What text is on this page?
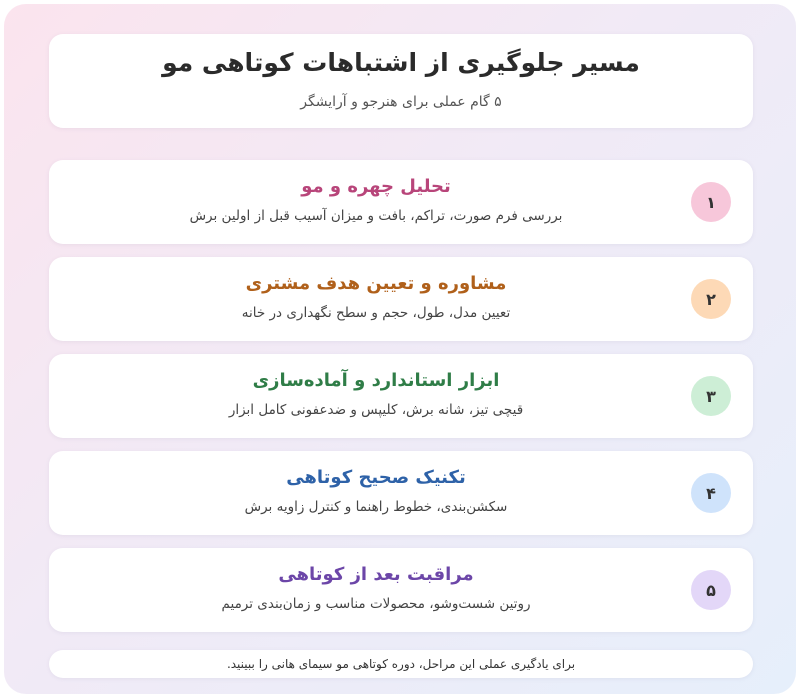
مسیر جلوگیری از اشتباهات کوتاهی مو
۵ گام عملی برای هنرجو و آرایشگر
۱
تحلیل چهره و مو
بررسی فرم صورت، تراکم، بافت و میزان آسیب قبل از اولین برش
۲
مشاوره و تعیین هدف مشتری
تعیین مدل، طول، حجم و سطح نگهداری در خانه
۳
ابزار استاندارد و آماده‌سازی
قیچی تیز، شانه برش، کلیپس و ضدعفونی کامل ابزار
۴
تکنیک صحیح کوتاهی
سکشن‌بندی، خطوط راهنما و کنترل زاویه برش
۵
مراقبت بعد از کوتاهی
روتین شست‌وشو، محصولات مناسب و زمان‌بندی ترمیم
برای یادگیری عملی این مراحل، دوره کوتاهی مو سیمای هانی را ببینید.
